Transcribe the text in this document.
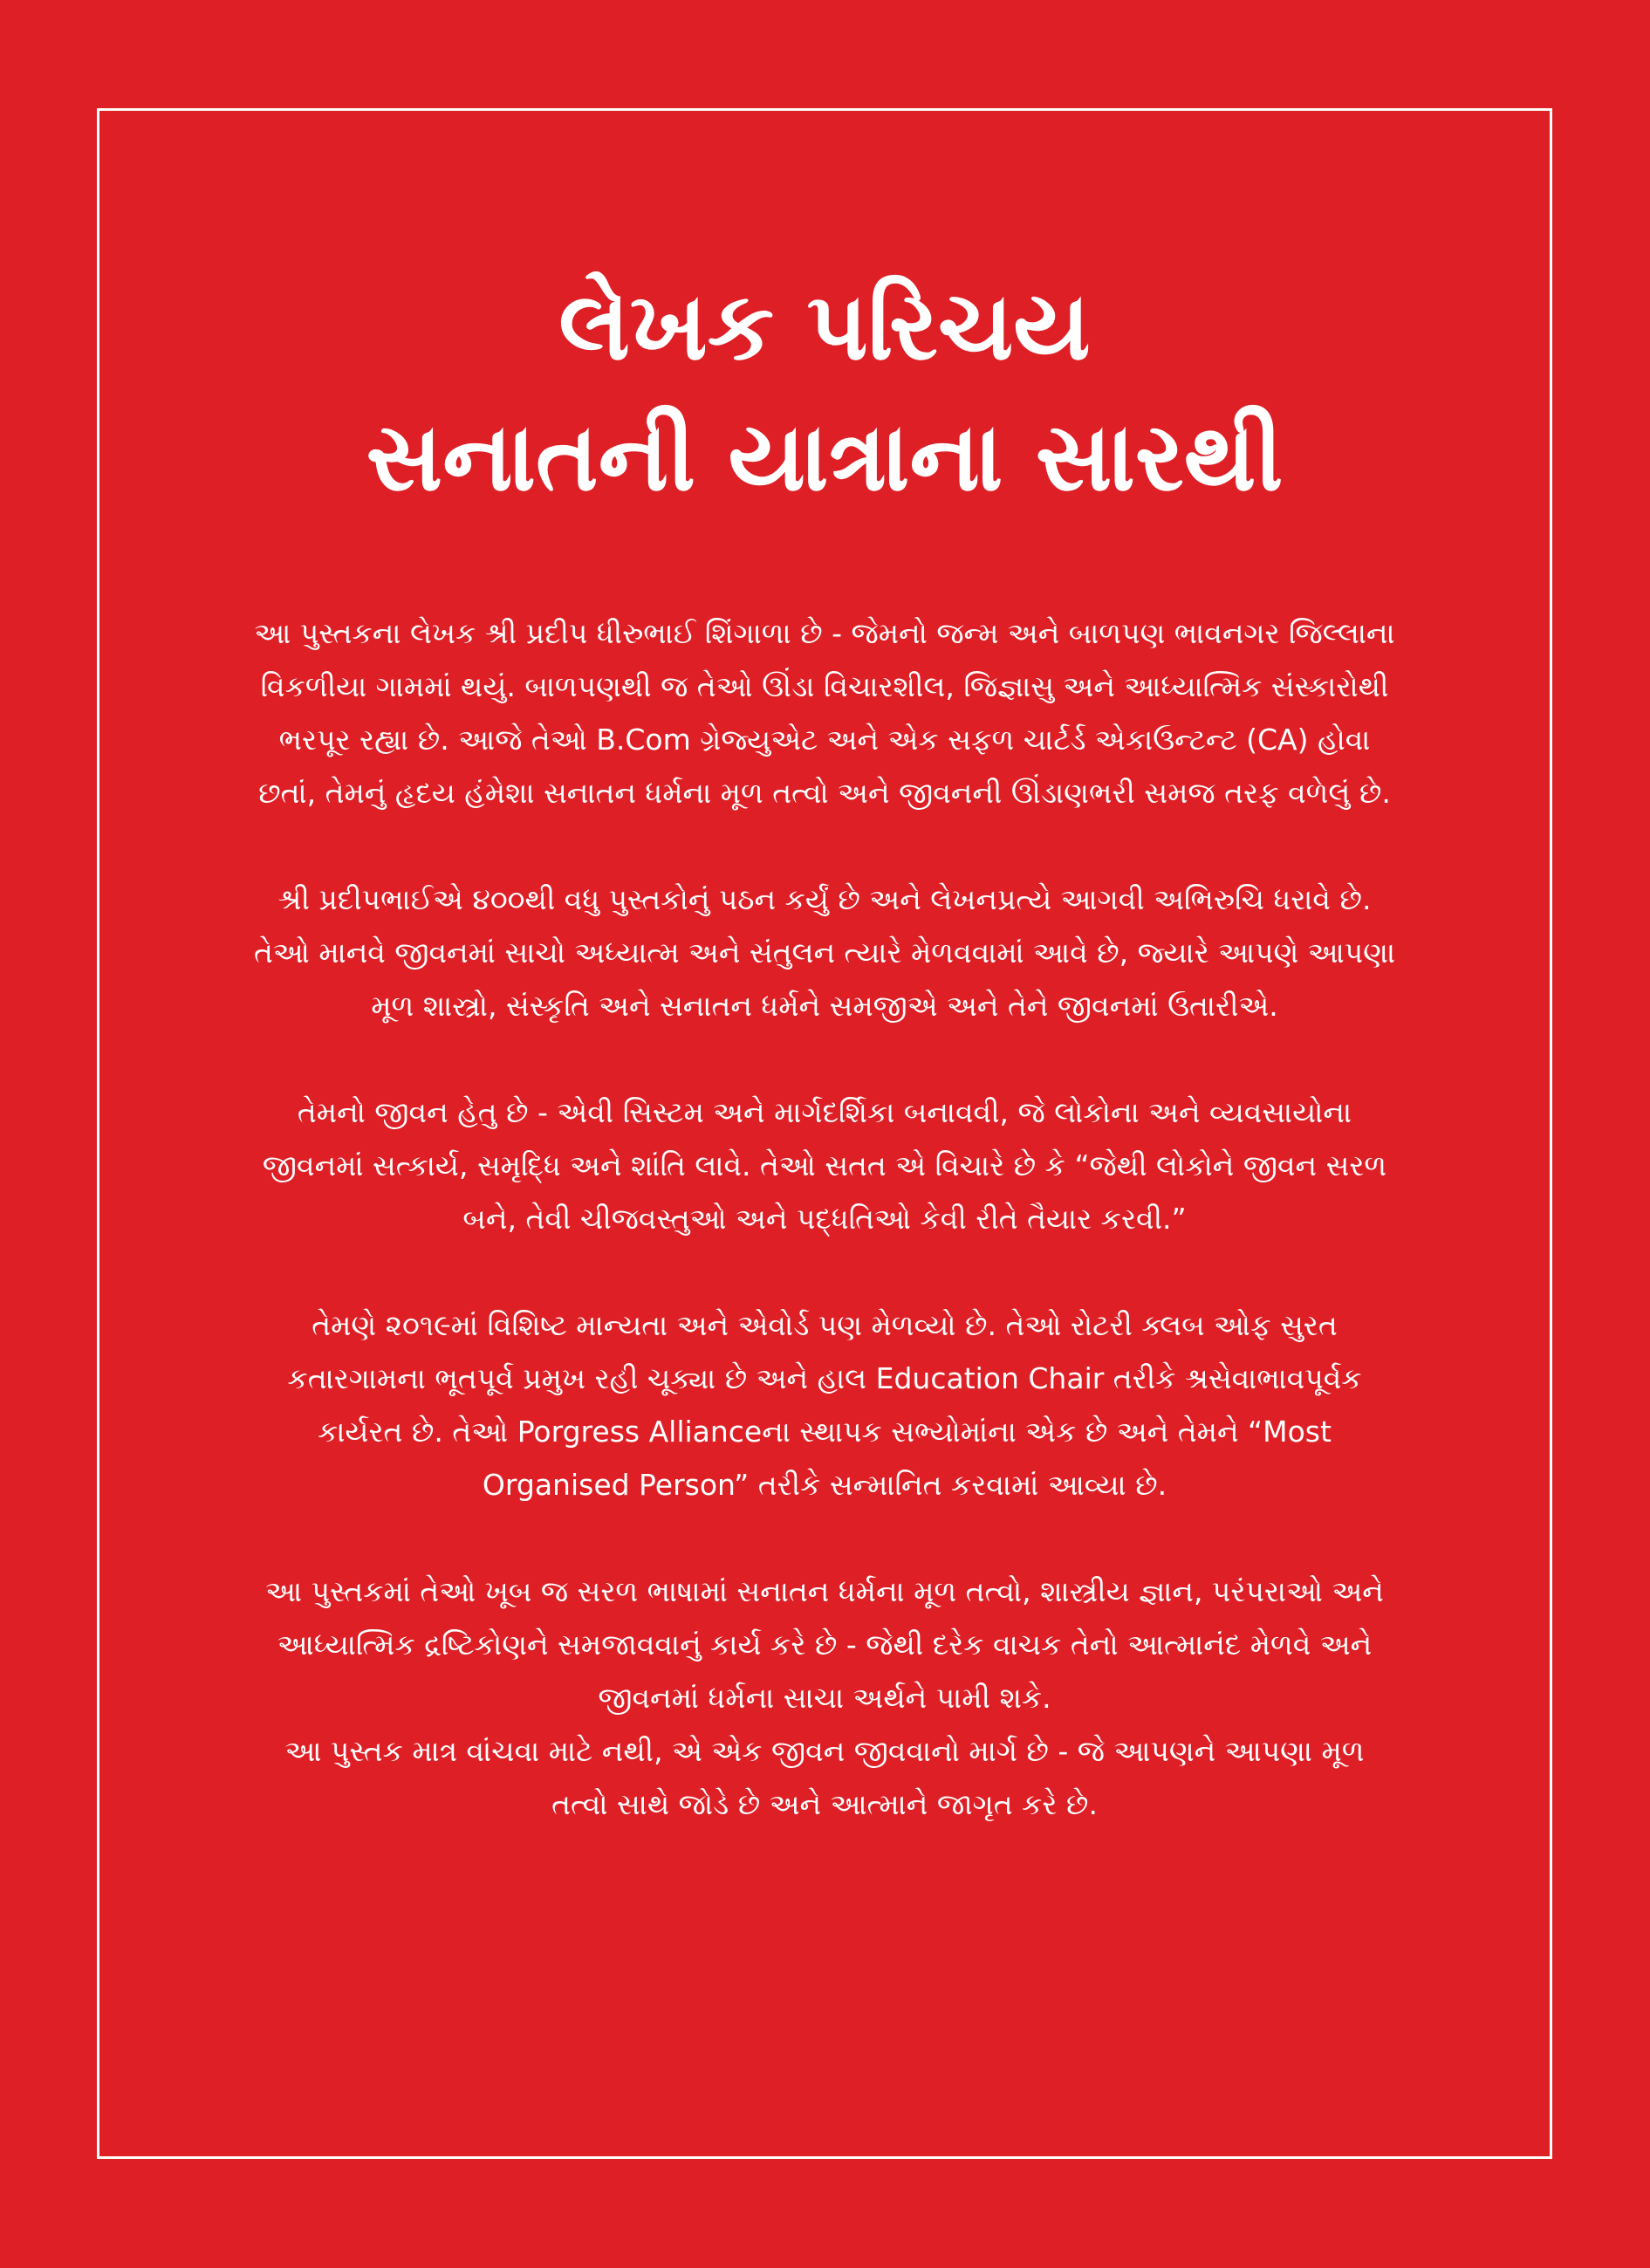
લેખક પરિચય
સનાતની યાત્રાના સારથી

આ પુસ્તકના લેખક શ્રી પ્રદીપ ધીરુભાઈ શિંગાળા છે - જેમનો જન્મ અને બાળપણ ભાવનગર જિલ્લાના વિકળીયા ગામમાં થયું. બાળપણથી જ તેઓ ઊંડા વિચારશીલ, જિજ્ઞાસુ અને આધ્યાત્મિક સંસ્કારોથી ભરપૂર રહ્યા છે. આજે તેઓ B.Com ગ્રેજ્યુએટ અને એક સફળ ચાર્ટર્ડ એકાઉન્ટન્ટ (CA) હોવા છતાં, તેમનું હૃદય હંમેશા સનાતન ધર્મના મૂળ તત્વો અને જીવનની ઊંડાણભરી સમજ તરફ વળેલું છે.

શ્રી પ્રદીપભાઈએ ૪૦૦થી વધુ પુસ્તકોનું પઠન કર્યું છે અને લેખનપ્રત્યે આગવી અભિરુચિ ધરાવે છે. તેઓ માનવે જીવનમાં સાચો અધ્યાત્મ અને સંતુલન ત્યારે મેળવવામાં આવે છે, જ્યારે આપણે આપણા મૂળ શાસ્ત્રો, સંસ્કૃતિ અને સનાતન ધર્મને સમજીએ અને તેને જીવનમાં ઉતારીએ.

તેમનો જીવન હેતુ છે - એવી સિસ્ટમ અને માર્ગદર્શિકા બનાવવી, જે લોકોના અને વ્યવસાયોના જીવનમાં સત્કાર્ય, સમૃદ્ધિ અને શાંતિ લાવે. તેઓ સતત એ વિચારે છે કે “જેથી લોકોને જીવન સરળ બને, તેવી ચીજવસ્તુઓ અને પદ્ધતિઓ કેવી રીતે તૈયાર કરવી.”

તેમણે ૨૦૧૯માં વિશિષ્ટ માન્યતા અને એવોર્ડ પણ મેળવ્યો છે. તેઓ રોટરી ક્લબ ઓફ સુરત કતારગામના ભૂતપૂર્વ પ્રમુખ રહી ચૂક્યા છે અને હાલ Education Chair તરીકે શ્રસેવાભાવપૂર્વક કાર્યરત છે. તેઓ Porgress Allianceના સ્થાપક સભ્યોમાંના એક છે અને તેમને “Most Organised Person” તરીકે સન્માનિત કરવામાં આવ્યા છે.

આ પુસ્તકમાં તેઓ ખૂબ જ સરળ ભાષામાં સનાતન ધર્મના મૂળ તત્વો, શાસ્ત્રીય જ્ઞાન, પરંપરાઓ અને આધ્યાત્મિક દ્રષ્ટિકોણને સમજાવવાનું કાર્ય કરે છે - જેથી દરેક વાચક તેનો આત્માનંદ મેળવે અને જીવનમાં ધર્મના સાચા અર્થને પામી શકે.

આ પુસ્તક માત્ર વાંચવા માટે નથી, એ એક જીવન જીવવાનો માર્ગ છે - જે આપણને આપણા મૂળ તત્વો સાથે જોડે છે અને આત્માને જાગૃત કરે છે.
